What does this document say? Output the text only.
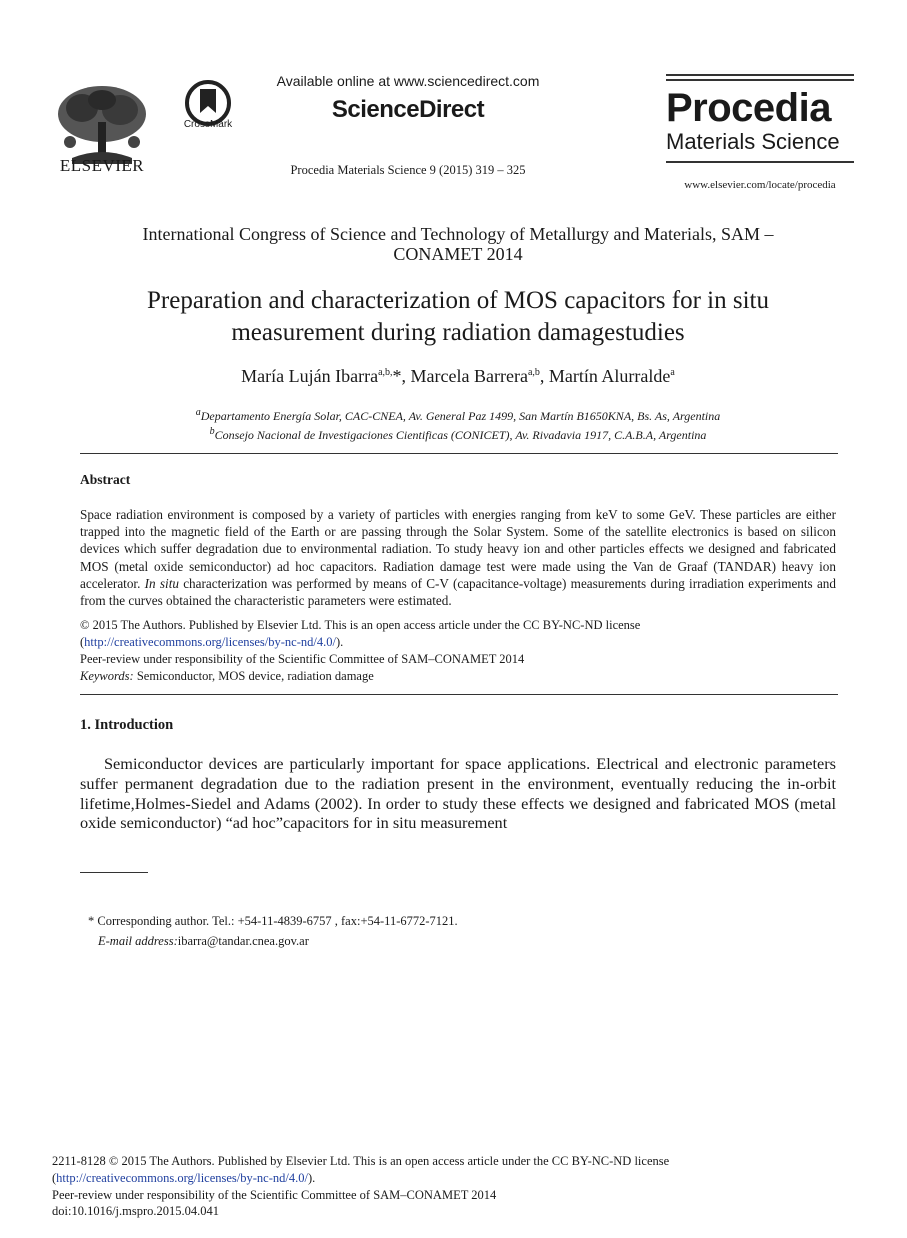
ELSEVIER
CrossMark
Available online at www.sciencedirect.com
ScienceDirect
Procedia Materials Science 9 (2015) 319 – 325
Procedia
Materials Science
www.elsevier.com/locate/procedia
International Congress of Science and Technology of Metallurgy and Materials, SAM –
CONAMET 2014
Preparation and characterization of MOS capacitors for in situ
measurement during radiation damagestudies
María Luján Ibarra$^{a,b,}$*, Marcela Barrera$^{a,b}$, Martín Alurralde$^a$
$^a$Departamento Energía Solar, CAC-CNEA, Av. General Paz 1499, San Martín B1650KNA, Bs. As, Argentina
$^b$Consejo Nacional de Investigaciones Cientificas (CONICET), Av. Rivadavia 1917, C.A.B.A, Argentina
Abstract
Space radiation environment is composed by a variety of particles with energies ranging from keV to some GeV. These particles are either trapped into the magnetic field of the Earth or are passing through the Solar System. Some of the satellite electronics is based on silicon devices which suffer degradation due to environmental radiation. To study heavy ion and other particles effects we designed and fabricated MOS (metal oxide semiconductor) ad hoc capacitors. Radiation damage test were made using the Van de Graaf (TANDAR) heavy ion accelerator. In situ characterization was performed by means of C-V (capacitance-voltage) measurements during irradiation experiments and from the curves obtained the characteristic parameters were estimated.
© 2015 The Authors. Published by Elsevier Ltd. This is an open access article under the CC BY-NC-ND license
(http://creativecommons.org/licenses/by-nc-nd/4.0/).
Peer-review under responsibility of the Scientific Committee of SAM–CONAMET 2014
Keywords: Semiconductor, MOS device, radiation damage
1. Introduction
Semiconductor devices are particularly important for space applications. Electrical and electronic parameters suffer permanent degradation due to the radiation present in the environment, eventually reducing the in-orbit lifetime,Holmes-Siedel and Adams (2002). In order to study these effects we designed and fabricated MOS (metal oxide semiconductor) “ad hoc”capacitors for in situ measurement
* Corresponding author. Tel.: +54-11-4839-6757 , fax:+54-11-6772-7121.
E-mail address:ibarra@tandar.cnea.gov.ar
2211-8128 © 2015 The Authors. Published by Elsevier Ltd. This is an open access article under the CC BY-NC-ND license
(http://creativecommons.org/licenses/by-nc-nd/4.0/).
Peer-review under responsibility of the Scientific Committee of SAM–CONAMET 2014
doi:10.1016/j.mspro.2015.04.041
